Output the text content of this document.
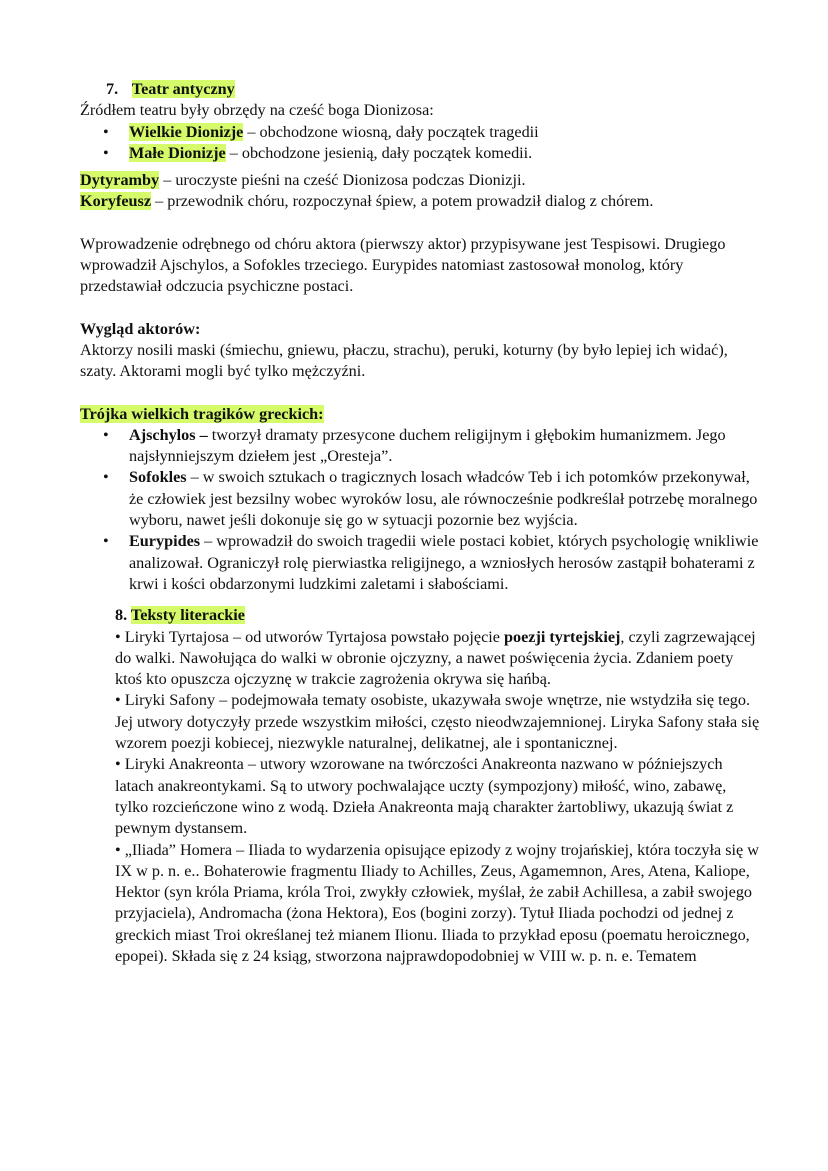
7. Teatr antyczny

Źródłem teatru były obrzędy na cześć boga Dionizosa:

• Wielkie Dionizje – obchodzone wiosną, dały początek tragedii
• Małe Dionizje – obchodzone jesienią, dały początek komedii.

Dytyramby – uroczyste pieśni na cześć Dionizosa podczas Dionizji.

Koryfeusz – przewodnik chóru, rozpoczynał śpiew, a potem prowadził dialog z chórem.

Wprowadzenie odrębnego od chóru aktora (pierwszy aktor) przypisywane jest Tespisowi. Drugiego wprowadził Ajschylos, a Sofokles trzeciego. Eurypides natomiast zastosował monolog, który przedstawiał odczucia psychiczne postaci.

Wygląd aktorów:

Aktorzy nosili maski (śmiechu, gniewu, płaczu, strachu), peruki, koturny (by było lepiej ich widać), szaty. Aktorami mogli być tylko mężczyźni.

Trójka wielkich tragików greckich:

• Ajschylos – tworzył dramaty przesycone duchem religijnym i głębokim humanizmem. Jego najsłynniejszym dziełem jest „Oresteja”.
• Sofokles – w swoich sztukach o tragicznych losach władców Teb i ich potomków przekonywał, że człowiek jest bezsilny wobec wyroków losu, ale równocześnie podkreślał potrzebę moralnego wyboru, nawet jeśli dokonuje się go w sytuacji pozornie bez wyjścia.
• Eurypides – wprowadził do swoich tragedii wiele postaci kobiet, których psychologię wnikliwie analizował. Ograniczył rolę pierwiastka religijnego, a wzniosłych herosów zastąpił bohaterami z krwi i kości obdarzonymi ludzkimi zaletami i słabościami.
8. Teksty literackie

• Liryki Tyrtajosa – od utworów Tyrtajosa powstało pojęcie poezji tyrtejskiej, czyli zagrzewającej do walki. Nawołująca do walki w obronie ojczyzny, a nawet poświęcenia życia. Zdaniem poety ktoś kto opuszcza ojczyznę w trakcie zagrożenia okrywa się hańbą.

• Liryki Safony – podejmowała tematy osobiste, ukazywała swoje wnętrze, nie wstydziła się tego. Jej utwory dotyczyły przede wszystkim miłości, często nieodwzajemnionej. Liryka Safony stała się wzorem poezji kobiecej, niezwykle naturalnej, delikatnej, ale i spontanicznej.

• Liryki Anakreonta – utwory wzorowane na twórczości Anakreonta nazwano w późniejszych latach anakreontykami. Są to utwory pochwalające uczty (sympozjony) miłość, wino, zabawę, tylko rozcieńczone wino z wodą. Dzieła Anakreonta mają charakter żartobliwy, ukazują świat z pewnym dystansem.

• „Iliada” Homera – Iliada to wydarzenia opisujące epizody z wojny trojańskiej, która toczyła się w IX w p. n. e.. Bohaterowie fragmentu Iliady to Achilles, Zeus, Agamemnon, Ares, Atena, Kaliope, Hektor (syn króla Priama, króla Troi, zwykły człowiek, myślał, że zabił Achillesa, a zabił swojego przyjaciela), Andromacha (żona Hektora), Eos (bogini zorzy). Tytuł Iliada pochodzi od jednej z greckich miast Troi określanej też mianem Ilionu. Iliada to przykład eposu (poematu heroicznego, epopei). Składa się z 24 ksiąg, stworzona najprawdopodobniej w VIII w. p. n. e. Tematem
